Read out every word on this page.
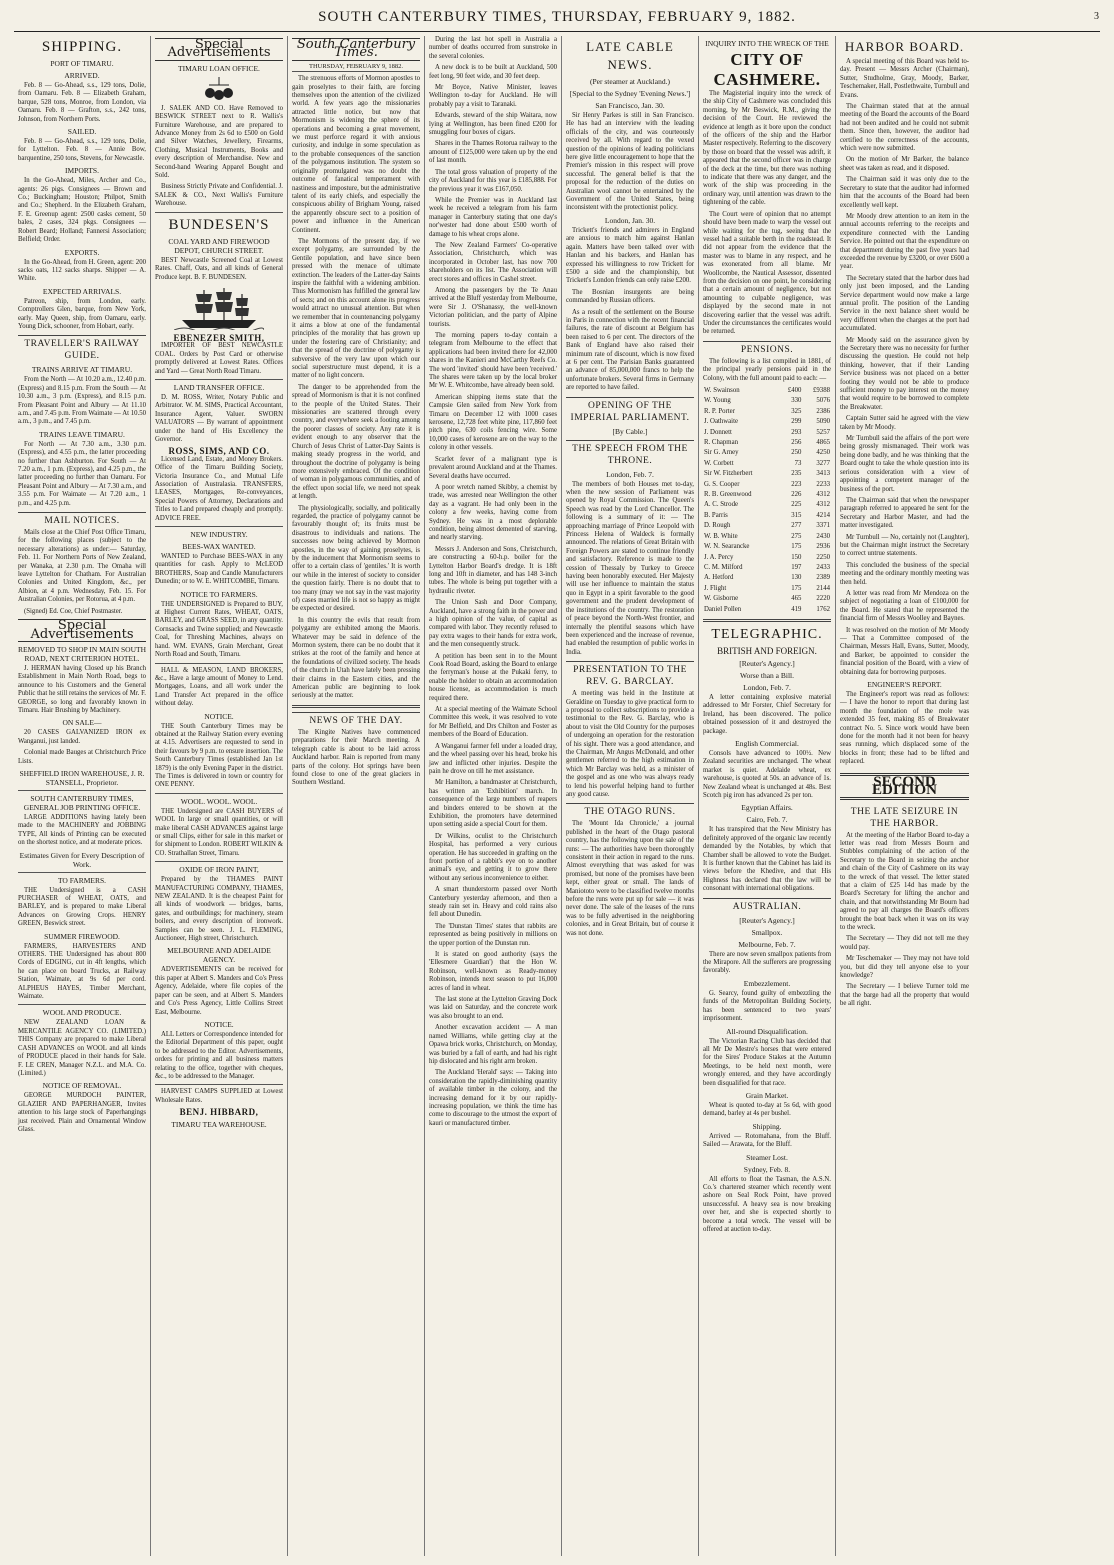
SOUTH CANTERBURY TIMES, THURSDAY, FEBRUARY 9, 1882.	3
SHIPPING.
PORT OF TIMARU.
ARRIVED.

Feb. 8 — Go-Ahead, s.s., 129 tons, Dolie, from Oamaru. Feb. 8 — Elizabeth Graham, barque, 528 tons, Monroe, from London, via Oamaru. Feb. 8 — Grafton, s.s., 242 tons, Johnson, from Northern Ports.

SAILED.

Feb. 8 — Go-Ahead, s.s., 129 tons, Dolie, for Lyttelton. Feb. 8 — Annie Bow, barquentine, 250 tons, Stevens, for Newcastle.

IMPORTS.

In the Go-Ahead, Miles, Archer and Co., agents: 26 pigs. Consignees — Brown and Co.; Buckingham; Houston; Philpot, Smith and Co.; Shepherd. In the Elizabeth Graham, F. E. Greenup agent: 2500 casks cement, 50 bales, 2 cases, 324 pkgs. Consignees — Robert Beard; Holland; Fannersi Association; Belfield; Order.

EXPORTS.

In the Go-Ahead, from H. Green, agent: 200 sacks oats, 112 sacks sharps. Shipper — A. White.

EXPECTED ARRIVALS.

Patreon, ship, from London, early. Comptrollers Glen, barque, from New York, early. May Queen, ship, from Oamaru, early. Young Dick, schooner, from Hobart, early.

TRAVELLER'S RAILWAY GUIDE.
TRAINS ARRIVE AT TIMARU.

From the North — At 10.20 a.m., 12.40 p.m. (Express) and 8.15 p.m. From the South — At 10.30 a.m., 3 p.m. (Express), and 8.15 p.m. From Pleasant Point and Albury — At 11.10 a.m., and 7.45 p.m. From Waimate — At 10.50 a.m., 3 p.m., and 7.45 p.m.

TRAINS LEAVE TIMARU.

For North — At 7.30 a.m., 3.30 p.m. (Express), and 4.55 p.m., the latter proceeding no further than Ashburton. For South — At 7.20 a.m., 1 p.m. (Express), and 4.25 p.m., the latter proceeding no further than Oamaru. For Pleasant Point and Albury — At 7.30 a.m., and 3.55 p.m. For Waimate — At 7.20 a.m., 1 p.m., and 4.25 p.m.

MAIL NOTICES.

Mails close at the Chief Post Office Timaru, for the following places (subject to the necessary alterations) as under:— Saturday, Feb. 11. For Northern Ports of New Zealand, per Wanaka, at 2.30 p.m. The Omaha will leave Lyttelton for Chatham. For Australian Colonies and United Kingdom, &c., per Albion, at 4 p.m. Wednesday, Feb. 15. For Australian Colonies, per Rotorua, at 4 p.m.

(Signed) Ed. Coe, Chief Postmaster.

Special Advertisements
REMOVED TO SHOP IN MAIN SOUTH ROAD, NEXT CRITERION HOTEL.

J. HERMAN having Closed up his Branch Establishment in Main North Road, begs to announce to his Customers and the General Public that he still retains the services of Mr. F. GEORGE, so long and favorably known in Timaru. Hair Brushing by Machinery.

ON SALE—

20 CASES GALVANIZED IRON ex Wanganui, just landed.

Colonial made Bauges at Christchurch Price Lists.

SHEFFIELD IRON WAREHOUSE, J. R. STANSELL, Proprietor.
SOUTH CANTERBURY TIMES, GENERAL JOB PRINTING OFFICE.

LARGE ADDITIONS having lately been made to the MACHINERY and JOBBING TYPE, All kinds of Printing can be executed on the shortest notice, and at moderate prices.

Estimates Given for Every Description of Work.
TO FARMERS.

THE Undersigned is a CASH PURCHASER of WHEAT, OATS, and BARLEY, and is prepared to make Liberal Advances on Growing Crops. HENRY GREEN, Beswick street.

SUMMER FIREWOOD.

FARMERS, HARVESTERS AND OTHERS. THE Undersigned has about 800 Cords of EDGING, cut in 4ft lengths, which he can place on board Trucks, at Railway Station, Waimate, at 9s 6d per cord. ALPHEUS HAYES, Timber Merchant, Waimate.

WOOL AND PRODUCE.

NEW ZEALAND LOAN & MERCANTILE AGENCY CO. (LIMITED.) THIS Company are prepared to make Liberal CASH ADVANCES on WOOL and all kinds of PRODUCE placed in their hands for Sale. F. LE CREN, Manager N.Z.L. and M.A. Co. (Limited.)

NOTICE OF REMOVAL.

GEORGE MURDOCH PAINTER, GLAZIER AND PAPERHANGER, Invites attention to his large stock of Paperhangings just received. Plain and Ornamental Window Glass.

Special Advertisements
TIMARU LOAN OFFICE.

J. SALEK AND CO. Have Removed to BESWICK STREET next to R. Wallis's Furniture Warehouse, and are prepared to Advance Money from 2s 6d to £500 on Gold and Silver Watches, Jewellery, Firearms, Clothing, Musical Instruments, Books and every description of Merchandise. New and Second-hand Wearing Apparel Bought and Sold.

Business Strictly Private and Confidential. J. SALEK & CO., Next Wallis's Furniture Warehouse.

BUNDESEN'S
COAL YARD AND FIREWOOD DEPOT, CHURCH STREET.

BEST Newcastle Screened Coal at Lowest Rates. Chaff, Oats, and all kinds of General Produce kept. B. F. BUNDESEN.

EBENEZER SMITH,

IMPORTER OF BEST NEWCASTLE COAL. Orders by Post Card or otherwise promptly delivered at Lowest Rates. Offices and Yard — Great North Road Timaru.

LAND TRANSFER OFFICE.

D. M. ROSS, Writer, Notary Public and Arbitrator. W. M. SIMS, Practical Accountant, Insurance Agent, Valuer. SWORN VALUATORS — By warrant of appointment under the hand of His Excellency the Governor.

ROSS, SIMS, AND CO.

Licensed Land, Estate, and Money Brokers. Office of the Timaru Building Society, Victoria Insurance Co., and Mutual Life Association of Australasia. TRANSFERS, LEASES, Mortgages, Re-conveyances, Special Powers of Attorney, Declarations and Titles to Land prepared cheaply and promptly. ADVICE FREE.

NEW INDUSTRY.
BEES-WAX WANTED.

WANTED to Purchase BEES-WAX in any quantities for cash. Apply to McLEOD BROTHERS, Soap and Candle Manufacturers Dunedin; or to W. E. WHITCOMBE, Timaru.

NOTICE TO FARMERS.

THE UNDERSIGNED is Prepared to BUY, at Highest Current Rates, WHEAT, OATS, BARLEY, and GRASS SEED, in any quantity. Cornsacks and Twine supplied; and Newcastle Coal, for Threshing Machines, always on hand. WM. EVANS, Grain Merchant, Great North Road and South, Timaru.

HALL & MEASON, LAND BROKERS, &c., Have a large amount of Money to Lend. Mortgages, Loans, and all work under the Land Transfer Act prepared in the office without delay.

NOTICE.

THE South Canterbury Times may be obtained at the Railway Station every evening at 4.15. Advertisers are requested to send in their favours by 9 p.m. to ensure insertion. The South Canterbury Times (established Jan 1st 1879) is the only Evening Paper in the district. The Times is delivered in town or country for ONE PENNY.

WOOL. WOOL. WOOL.

THE Undersigned are CASH BUYERS of WOOL In large or small quantities, or will make liberal CASH ADVANCES against large or small Clips, either for sale in this market or for shipment to London. ROBERT WILKIN & CO. Strathallan Street, Timaru.

OXIDE OF IRON PAINT,

Prepared by the THAMES PAINT MANUFACTURING COMPANY, THAMES, NEW ZEALAND. It is the cheapest Paint for all kinds of woodwork — bridges, barns, gates, and outbuildings; for machinery, steam boilers, and every description of ironwork. Samples can be seen. J. L. FLEMING, Auctioneer, High street, Christchurch.

MELBOURNE AND ADELAIDE AGENCY.

ADVERTISEMENTS can be received for this paper at Albert S. Manders and Co's Press Agency, Adelaide, where file copies of the paper can be seen, and at Albert S. Manders and Co's Press Agency, Little Collins Street East, Melbourne.

NOTICE.

ALL Letters or Correspondence intended for the Editorial Department of this paper, ought to be addressed to the Editor. Advertisements, orders for printing and all business matters relating to the office, together with cheques, &c., to be addressed to the Manager.

HARVEST CAMPS SUPPLIED at Lowest Wholesale Rates.

BENJ. HIBBARD,
TIMARU TEA WAREHOUSE.
South Canterbury Times.
THURSDAY, FEBRUARY 9, 1882.

The strenuous efforts of Mormon apostles to gain proselytes to their faith, are forcing themselves upon the attention of the civilized world. A few years ago the missionaries attracted little notice, but now that Mormonism is widening the sphere of its operations and becoming a great movement, we must perforce regard it with anxious curiosity, and indulge in some speculation as to the probable consequences of the sanction of the polygamous institution. The system so originally promulgated was no doubt the outcome of fanatical temperament with nastiness and imposture, but the administrative talent of its early chiefs, and especially the conspicuous ability of Brigham Young, raised the apparently obscure sect to a position of power and influence in the American Continent.

The Mormons of the present day, if we except polygamy, are surrounded by the Gentile population, and have since been pressed with the menace of ultimate extinction. The leaders of the Latter-day Saints inspire the faithful with a widening ambition. Thus Mormonism has fulfilled the general law of sects; and on this account alone its progress would attract no unusual attention. But when we remember that in countenancing polygamy it aims a blow at one of the fundamental principles of the morality that has grown up under the fostering care of Christianity; and that the spread of the doctrine of polygamy is subversive of the very law upon which our social superstructure must depend, it is a matter of no light concern.

The danger to be apprehended from the spread of Mormonism is that it is not confined to the people of the United States. Their missionaries are scattered through every country, and everywhere seek a footing among the poorer classes of society. Any rate it is evident enough to any observer that the Church of Jesus Christ of Latter-Day Saints is making steady progress in the world, and throughout the doctrine of polygamy is being more extensively embraced. Of the condition of woman in polygamous communities, and of the effect upon social life, we need not speak at length.

The physiologically, socially, and politically regarded, the practice of polygamy cannot be favourably thought of; its fruits must be disastrous to individuals and nations. The successes now being achieved by Mormon apostles, in the way of gaining proselytes, is by the inducement that Mormonism seems to offer to a certain class of 'gentiles.' It is worth our while in the interest of society to consider the question fairly. There is no doubt that to too many (may we not say in the vast majority of) cases married life is not so happy as might be expected or desired.

In this country the evils that result from polygamy are exhibited among the Maoris. Whatever may be said in defence of the Mormon system, there can be no doubt that it strikes at the root of the family and hence at the foundations of civilized society. The heads of the church in Utah have lately been pressing their claims in the Eastern cities, and the American public are beginning to look seriously at the matter.

NEWS OF THE DAY.

The Kingite Natives have commenced preparations for their March meeting. A telegraph cable is about to be laid across Auckland harbor. Rain is reported from many parts of the colony. Hot springs have been found close to one of the great glaciers in Southern Westland.

During the last hot spell in Australia a number of deaths occurred from sunstroke in the several colonies.

A new dock is to be built at Auckland, 500 feet long, 90 feet wide, and 30 feet deep.

Mr Boyce, Native Minister, leaves Wellington to-day for Auckland. He will probably pay a visit to Taranaki.

Edwards, steward of the ship Waitara, now lying at Wellington, has been fined £200 for smuggling four boxes of cigars.

Shares in the Thames Rotorua railway to the amount of £125,000 were taken up by the end of last month.

The total gross valuation of property of the city of Auckland for this year is £185,888. For the previous year it was £167,050.

While the Premier was in Auckland last week he received a telegram from his farm manager in Canterbury stating that one day's nor'wester had done about £500 worth of damage to his wheat crops alone.

The New Zealand Farmers' Co-operative Association, Christchurch, which was incorporated in October last, has now 700 shareholders on its list. The Association will erect stores and offices in Cashel street.

Among the passengers by the Te Anau arrived at the Bluff yesterday from Melbourne, were Sir J. O'Shanassy, the well-known Victorian politician, and the party of Alpine tourists.

The morning papers to-day contain a telegram from Melbourne to the effect that applications had been invited there for 42,000 shares in the Kanieri and McCarthy Reefs Co. The word 'invited' should have been 'received.' The shares were taken up by the local broker Mr W. E. Whitcombe, have already been sold.

American shipping items state that the Campsie Glen sailed from New York from Timaru on December 12 with 1000 cases kerosene, 12,728 feet white pine, 117,860 feet pitch pine, 630 coils fencing wire. Some 10,000 cases of kerosene are on the way to the colony in other vessels.

Scarlet fever of a malignant type is prevalent around Auckland and at the Thames. Several deaths have occurred.

A poor wretch named Skibby, a chemist by trade, was arrested near Wellington the other day as a vagrant. He had only been in the colony a few weeks, having come from Sydney. He was in a most deplorable condition, being almost demented of starving, and nearly starving.

Messrs J. Anderson and Sons, Christchurch, are constructing a 60-h.p. boiler for the Lyttelton Harbor Board's dredge. It is 18ft long and 10ft in diameter, and has 148 3-inch tubes. The whole is being put together with a hydraulic riveter.

The Union Sash and Door Company, Auckland, have a strong faith in the power and a high opinion of the value, of capital as compared with labor. They recently refused to pay extra wages to their hands for extra work, and the men consequently struck.

A petition has been sent in to the Mount Cook Road Board, asking the Board to enlarge the ferryman's house at the Pukaki ferry, to enable the holder to obtain an accommodation house license, as accommodation is much required there.

At a special meeting of the Waimate School Committee this week, it was resolved to vote for Mr Belfield, and Drs Chilton and Foster as members of the Board of Education.

A Wanganui farmer fell under a loaded dray, and the wheel passing over his head, broke his jaw and inflicted other injuries. Despite the pain he drove on till he met assistance.

Mr Hamilton, a bandmaster at Christchurch, has written an 'Exhibition' march. In consequence of the large numbers of reapers and binders entered to be shown at the Exhibition, the promoters have determined upon setting aside a special Court for them.

Dr Wilkins, oculist to the Christchurch Hospital, has performed a very curious operation. He has succeeded in grafting on the front portion of a rabbit's eye on to another animal's eye, and getting it to grow there without any serious inconvenience to either.

A smart thunderstorm passed over North Canterbury yesterday afternoon, and then a steady rain set in. Heavy and cold rains also fell about Dunedin.

The 'Dunstan Times' states that rabbits are represented as being positively in millions on the upper portion of the Dunstan run.

It is stated on good authority (says the 'Ellesmere Guardian') that the Hon W. Robinson, well-known as Ready-money Robinson, intends next season to put 16,000 acres of land in wheat.

The last stone at the Lyttelton Graving Dock was laid on Saturday, and the concrete work was also brought to an end.

Another excavation accident — A man named Williams, while getting clay at the Opawa brick works, Christchurch, on Monday, was buried by a fall of earth, and had his right hip dislocated and his right arm broken.

The Auckland 'Herald' says: — Taking into consideration the rapidly-diminishing quantity of available timber in the colony, and the increasing demand for it by our rapidly-increasing population, we think the time has come to discourage to the utmost the export of kauri or manufactured timber.

LATE CABLE NEWS.
(Per steamer at Auckland.)
[Special to the Sydney 'Evening News.']
San Francisco, Jan. 30.

Sir Henry Parkes is still in San Francisco. He has had an interview with the leading officials of the city, and was courteously received by all. With regard to the vexed question of the opinions of leading politicians here give little encouragement to hope that the Premier's mission in this respect will prove successful. The general belief is that the proposal for the reduction of the duties on Australian wool cannot be entertained by the Government of the United States, being inconsistent with the protectionist policy.

London, Jan. 30.

Trickett's friends and admirers in England are anxious to match him against Hanlan again. Matters have been talked over with Hanlan and his backers, and Hanlan has expressed his willingness to row Trickett for £500 a side and the championship, but Trickett's London friends can only raise £200.

The Bosnian insurgents are being commanded by Russian officers.

As a result of the settlement on the Bourse in Paris in connection with the recent financial failures, the rate of discount at Belgium has been raised to 6 per cent. The directors of the Bank of England have also raised their minimum rate of discount, which is now fixed at 6 per cent. The Parisian Banks guaranteed an advance of 85,000,000 francs to help the unfortunate brokers. Several firms in Germany are reported to have failed.

OPENING OF THE IMPERIAL PARLIAMENT.
[By Cable.]
THE SPEECH FROM THE THRONE.
London, Feb. 7.

The members of both Houses met to-day, when the new session of Parliament was opened by Royal Commission. The Queen's Speech was read by the Lord Chancellor. The following is a summary of it: — The approaching marriage of Prince Leopold with Princess Helena of Waldeck is formally announced. The relations of Great Britain with Foreign Powers are stated to continue friendly and satisfactory. Reference is made to the cession of Thessaly by Turkey to Greece having been honorably executed. Her Majesty will use her influence to maintain the status quo in Egypt in a spirit favorable to the good government and the prudent development of the institutions of the country. The restoration of peace beyond the North-West frontier, and internally the plentiful seasons which have been experienced and the increase of revenue, had enabled the resumption of public works in India.

PRESENTATION TO THE REV. G. BARCLAY.

A meeting was held in the Institute at Geraldine on Tuesday to give practical form to a proposal to collect subscriptions to provide a testimonial to the Rev. G. Barclay, who is about to visit the Old Country for the purposes of undergoing an operation for the restoration of his sight. There was a good attendance, and the Chairman, Mr Angus McDonald, and other gentlemen referred to the high estimation in which Mr Barclay was held, as a minister of the gospel and as one who was always ready to lend his powerful helping hand to further any good cause.

THE OTAGO RUNS.

The 'Mount Ida Chronicle,' a journal published in the heart of the Otago pastoral country, has the following upon the sale of the runs: — The authorities have been thoroughly consistent in their action in regard to the runs. Almost everything that was asked for was promised, but none of the promises have been kept, either great or small. The lands of Maniototo were to be classified twelve months before the runs were put up for sale — it was never done. The sale of the leases of the runs was to be fully advertised in the neighboring colonies, and in Great Britain, but of course it was not done.

INQUIRY INTO THE WRECK OF THE
CITY OF CASHMERE.

The Magisterial inquiry into the wreck of the ship City of Cashmere was concluded this morning, by Mr Beswick, R.M., giving the decision of the Court. He reviewed the evidence at length as it bore upon the conduct of the officers of the ship and the Harbor Master respectively. Referring to the discovery by those on board that the vessel was adrift, it appeared that the second officer was in charge of the deck at the time, but there was nothing to indicate that there was any danger, and the work of the ship was proceeding in the ordinary way, until attention was drawn to the tightening of the cable.

The Court were of opinion that no attempt should have been made to warp the vessel out while waiting for the tug, seeing that the vessel had a suitable berth in the roadstead. It did not appear from the evidence that the master was to blame in any respect, and he was exonerated from all blame. Mr Woollcombe, the Nautical Assessor, dissented from the decision on one point, he considering that a certain amount of negligence, but not amounting to culpable negligence, was displayed by the second mate in not discovering earlier that the vessel was adrift. Under the circumstances the certificates would be returned.

PENSIONS.

The following is a list compiled in 1881, of the principal yearly pensions paid in the Colony, with the full amount paid to each: —

W. Swainson	£400	£9388
W. Young	330	5076
R. P. Porter	325	2386
J. Oathwaite	299	5090
J. Donnett	293	5257
R. Chapman	256	4865
Sir G. Arney	250	4250
W. Corbett	73	3277
Sir W. Fitzherbert	235	3413
G. S. Cooper	223	2233
R. B. Greenwood	226	4312
A. C. Strode	225	4312
B. Parris	315	4214
D. Rough	277	3371
W. B. White	275	2430
W. N. Searancke	175	2936
J. A. Percy	150	2250
C. M. Milford	197	2433
A. Hetford	130	2389
J. Flight	175	2144
W. Gisborne	465	2220
Daniel Pollen	419	1762
TELEGRAPHIC.
BRITISH AND FOREIGN.
[Reuter's Agency.]
Worse than a Bill.
London, Feb. 7.

A letter containing explosive material addressed to Mr Forster, Chief Secretary for Ireland, has been discovered. The police obtained possession of it and destroyed the package.

English Commercial.

Consols have advanced to 100½. New Zealand securities are unchanged. The wheat market is quiet. Adelaide wheat, ex warehouse, is quoted at 50s. an advance of 1s. New Zealand wheat is unchanged at 48s. Best Scotch pig iron has advanced 2s per ton.

Egyptian Affairs.
Cairo, Feb. 7.

It has transpired that the New Ministry has definitely approved of the organic law recently demanded by the Notables, by which that Chamber shall be allowed to vote the Budget. It is further known that the Cabinet has laid its views before the Khedive, and that His Highness has declared that the law will be consonant with international obligations.

AUSTRALIAN.
[Reuter's Agency.]
Smallpox.
Melbourne, Feb. 7.

There are now seven smallpox patients from the Mirapore. All the sufferers are progressing favorably.

Embezzlement.

G. Searcy, found guilty of embezzling the funds of the Metropolitan Building Society, has been sentenced to two years' imprisonment.

All-round Disqualification.

The Victorian Racing Club has decided that all Mr De Mestre's horses that were entered for the Sires' Produce Stakes at the Autumn Meetings, to be held next month, were wrongly entered, and they have accordingly been disqualified for that race.

Grain Market.

Wheat is quoted to-day at 5s 6d, with good demand, barley at 4s per bushel.

Shipping.

Arrived — Rotomahana, from the Bluff. Sailed — Arawata, for the Bluff.

Steamer Lost.
Sydney, Feb. 8.

All efforts to float the Tasman, the A.S.N. Co.'s chartered steamer which recently went ashore on Seal Rock Point, have proved unsuccessful. A heavy sea is now breaking over her, and she is expected shortly to become a total wreck. The vessel will be offered at auction to-day.

HARBOR BOARD.

A special meeting of this Board was held to-day. Present — Messrs Archer (Chairman), Sutter, Studholme, Gray, Moody, Barker, Teschemaker, Hall, Postlethwaite, Turnbull and Evans.

The Chairman stated that at the annual meeting of the Board the accounts of the Board had not been audited and he could not submit them. Since then, however, the auditor had certified to the correctness of the accounts, which were now submitted.

On the motion of Mr Barker, the balance sheet was taken as read, and it disposed.

The Chairman said it was only due to the Secretary to state that the auditor had informed him that the accounts of the Board had been excellently well kept.

Mr Moody drew attention to an item in the annual accounts referring to the receipts and expenditure connected with the Landing Service. He pointed out that the expenditure on that department during the past five years had exceeded the revenue by £3200, or over £600 a year.

The Secretary stated that the harbor dues had only just been imposed, and the Landing Service department would now make a large annual profit. The position of the Landing Service in the next balance sheet would be very different when the charges at the port had accumulated.

Mr Moody said on the assurance given by the Secretary there was no necessity for further discussing the question. He could not help thinking, however, that if their Landing Service business was not placed on a better footing they would not be able to produce sufficient money to pay interest on the money that would require to be borrowed to complete the Breakwater.

Captain Sutter said he agreed with the view taken by Mr Moody.

Mr Turnbull said the affairs of the port were being grossly mismanaged. Their work was being done badly, and he was thinking that the Board ought to take the whole question into its serious consideration with a view of appointing a competent manager of the business of the port.

The Chairman said that when the newspaper paragraph referred to appeared he sent for the Secretary and Harbor Master, and had the matter investigated.

Mr Turnbull — No, certainly not (Laughter), but the Chairman might instruct the Secretary to correct untrue statements.

This concluded the business of the special meeting and the ordinary monthly meeting was then held.

A letter was read from Mr Mendoza on the subject of negotiating a loan of £100,000 for the Board. He stated that he represented the financial firm of Messrs Woolley and Baynes.

It was resolved on the motion of Mr Moody — That a Committee composed of the Chairman, Messrs Hall, Evans, Sutter, Moody, and Barker, be appointed to consider the financial position of the Board, with a view of obtaining data for borrowing purposes.

ENGINEER'S REPORT.

The Engineer's report was read as follows: — I have the honor to report that during last month the foundation of the mole was extended 35 feet, making 85 of Breakwater contract No. 5. Since work would have been done for the month had it not been for heavy seas running, which displaced some of the blocks in front; these had to be lifted and replaced.

SECOND EDITION
THE LATE SEIZURE IN THE HARBOR.

At the meeting of the Harbor Board to-day a letter was read from Messrs Bourn and Stubbles complaining of the action of the Secretary to the Board in seizing the anchor and chain of the City of Cashmere on its way to the wreck of that vessel. The letter stated that a claim of £25 14d has made by the Board's Secretary for lifting the anchor and chain, and that notwithstanding Mr Bourn had agreed to pay all charges the Board's officers brought the boat back when it was on its way to the wreck.

The Secretary — They did not tell me they would pay.

Mr Teschemaker — They may not have told you, but did they tell anyone else to your knowledge?

The Secretary — I believe Turner told me that the barge had all the property that would be all right.
